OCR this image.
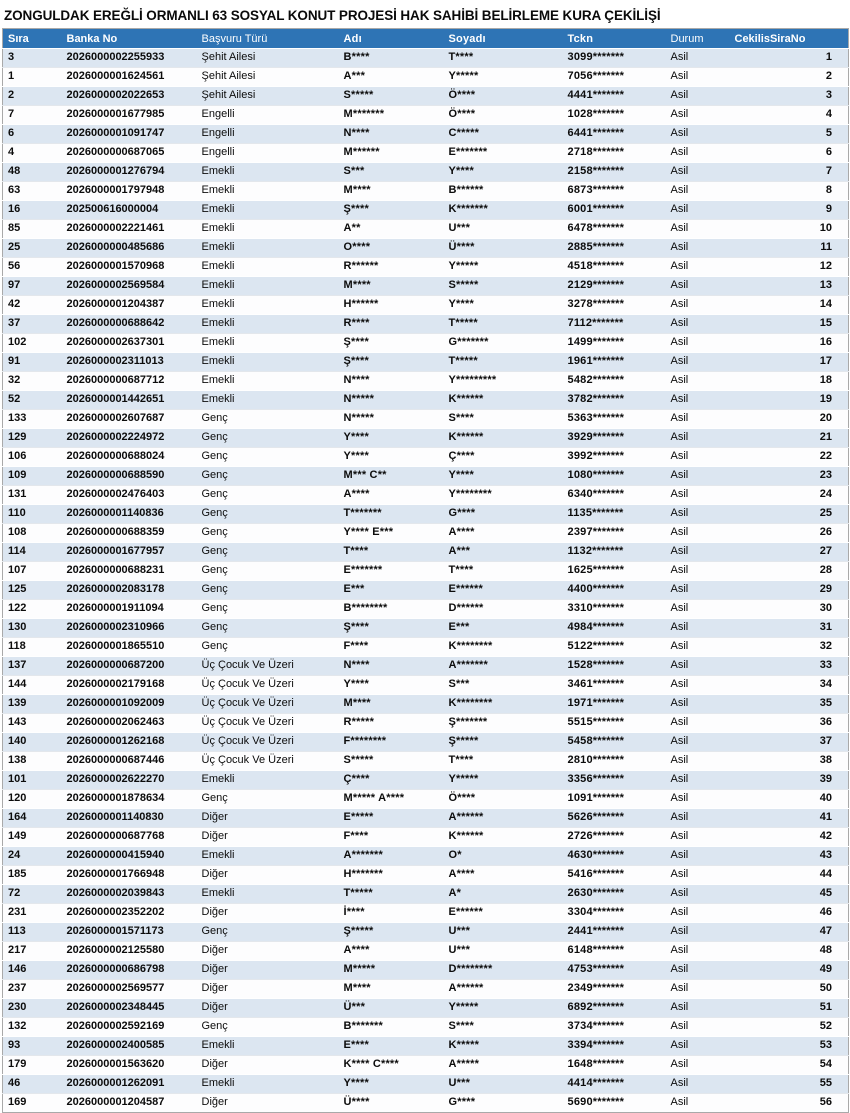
ZONGULDAK EREĞLİ ORMANLI 63 SOSYAL KONUT PROJESİ HAK SAHİBİ BELİRLEME KURA ÇEKİLİŞİ
Sıra	Banka No	Başvuru Türü	Adı	Soyadı	Tckn	Durum	CekilisSiraNo
3	2026000002255933	Şehit Ailesi	B****	T****	3099*******	Asil	1
1	2026000001624561	Şehit Ailesi	A***	Y*****	7056*******	Asil	2
2	2026000002022653	Şehit Ailesi	S*****	Ö****	4441*******	Asil	3
7	2026000001677985	Engelli	M*******	Ö****	1028*******	Asil	4
6	2026000001091747	Engelli	N****	C*****	6441*******	Asil	5
4	2026000000687065	Engelli	M******	E*******	2718*******	Asil	6
48	2026000001276794	Emekli	S***	Y****	2158*******	Asil	7
63	2026000001797948	Emekli	M****	B******	6873*******	Asil	8
16	202500616000004	Emekli	Ş****	K*******	6001*******	Asil	9
85	2026000002221461	Emekli	A**	U***	6478*******	Asil	10
25	2026000000485686	Emekli	O****	Ü****	2885*******	Asil	11
56	2026000001570968	Emekli	R******	Y*****	4518*******	Asil	12
97	2026000002569584	Emekli	M****	S*****	2129*******	Asil	13
42	2026000001204387	Emekli	H******	Y****	3278*******	Asil	14
37	2026000000688642	Emekli	R****	T*****	7112*******	Asil	15
102	2026000002637301	Emekli	Ş****	G*******	1499*******	Asil	16
91	2026000002311013	Emekli	Ş****	T*****	1961*******	Asil	17
32	2026000000687712	Emekli	N****	Y*********	5482*******	Asil	18
52	2026000001442651	Emekli	N*****	K******	3782*******	Asil	19
133	2026000002607687	Genç	N*****	S****	5363*******	Asil	20
129	2026000002224972	Genç	Y****	K******	3929*******	Asil	21
106	2026000000688024	Genç	Y****	Ç****	3992*******	Asil	22
109	2026000000688590	Genç	M*** C**	Y****	1080*******	Asil	23
131	2026000002476403	Genç	A****	Y********	6340*******	Asil	24
110	2026000001140836	Genç	T*******	G****	1135*******	Asil	25
108	2026000000688359	Genç	Y**** E***	A****	2397*******	Asil	26
114	2026000001677957	Genç	T****	A***	1132*******	Asil	27
107	2026000000688231	Genç	E*******	T****	1625*******	Asil	28
125	2026000002083178	Genç	E***	E******	4400*******	Asil	29
122	2026000001911094	Genç	B********	D******	3310*******	Asil	30
130	2026000002310966	Genç	Ş****	E***	4984*******	Asil	31
118	2026000001865510	Genç	F****	K********	5122*******	Asil	32
137	2026000000687200	Üç Çocuk Ve Üzeri	N****	A*******	1528*******	Asil	33
144	2026000002179168	Üç Çocuk Ve Üzeri	Y****	S***	3461*******	Asil	34
139	2026000001092009	Üç Çocuk Ve Üzeri	M****	K********	1971*******	Asil	35
143	2026000002062463	Üç Çocuk Ve Üzeri	R*****	Ş*******	5515*******	Asil	36
140	2026000001262168	Üç Çocuk Ve Üzeri	F********	Ş*****	5458*******	Asil	37
138	2026000000687446	Üç Çocuk Ve Üzeri	S*****	T****	2810*******	Asil	38
101	2026000002622270	Emekli	Ç****	Y*****	3356*******	Asil	39
120	2026000001878634	Genç	M***** A****	Ö****	1091*******	Asil	40
164	2026000001140830	Diğer	E*****	A******	5626*******	Asil	41
149	2026000000687768	Diğer	F****	K******	2726*******	Asil	42
24	2026000000415940	Emekli	A*******	O*	4630*******	Asil	43
185	2026000001766948	Diğer	H*******	A****	5416*******	Asil	44
72	2026000002039843	Emekli	T*****	A*	2630*******	Asil	45
231	2026000002352202	Diğer	İ****	E******	3304*******	Asil	46
113	2026000001571173	Genç	Ş*****	U***	2441*******	Asil	47
217	2026000002125580	Diğer	A****	U***	6148*******	Asil	48
146	2026000000686798	Diğer	M*****	D********	4753*******	Asil	49
237	2026000002569577	Diğer	M****	A******	2349*******	Asil	50
230	2026000002348445	Diğer	Ü***	Y*****	6892*******	Asil	51
132	2026000002592169	Genç	B*******	S****	3734*******	Asil	52
93	2026000002400585	Emekli	E****	K*****	3394*******	Asil	53
179	2026000001563620	Diğer	K**** C****	A*****	1648*******	Asil	54
46	2026000001262091	Emekli	Y****	U***	4414*******	Asil	55
169	2026000001204587	Diğer	Ü****	G****	5690*******	Asil	56
